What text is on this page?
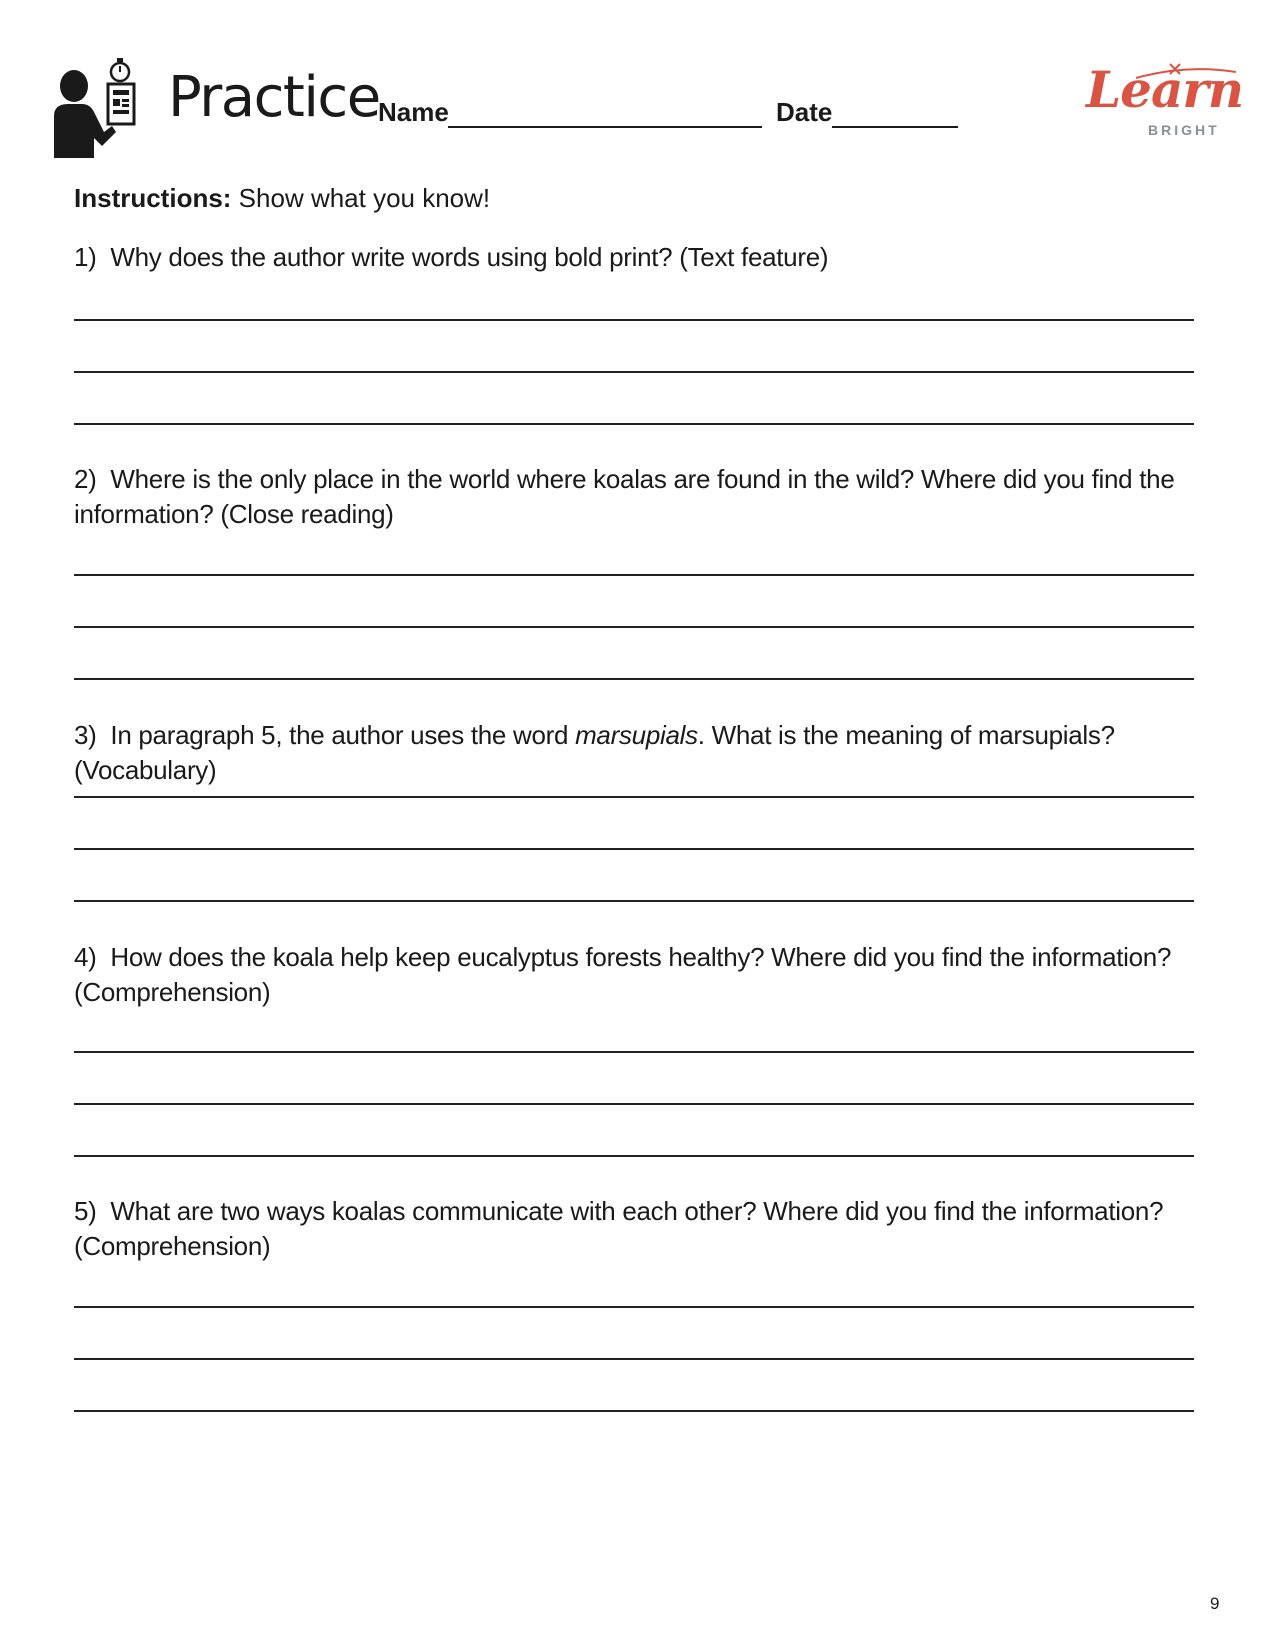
Practice
Name	Date	Learn
BRIGHT
Instructions: Show what you know!
1) Why does the author write words using bold print? (Text feature)
2) Where is the only place in the world where koalas are found in the wild? Where did you find the information? (Close reading)
3) In paragraph 5, the author uses the word marsupials. What is the meaning of marsupials? (Vocabulary)
4) How does the koala help keep eucalyptus forests healthy? Where did you find the information? (Comprehension)
5) What are two ways koalas communicate with each other? Where did you find the information? (Comprehension)
9
